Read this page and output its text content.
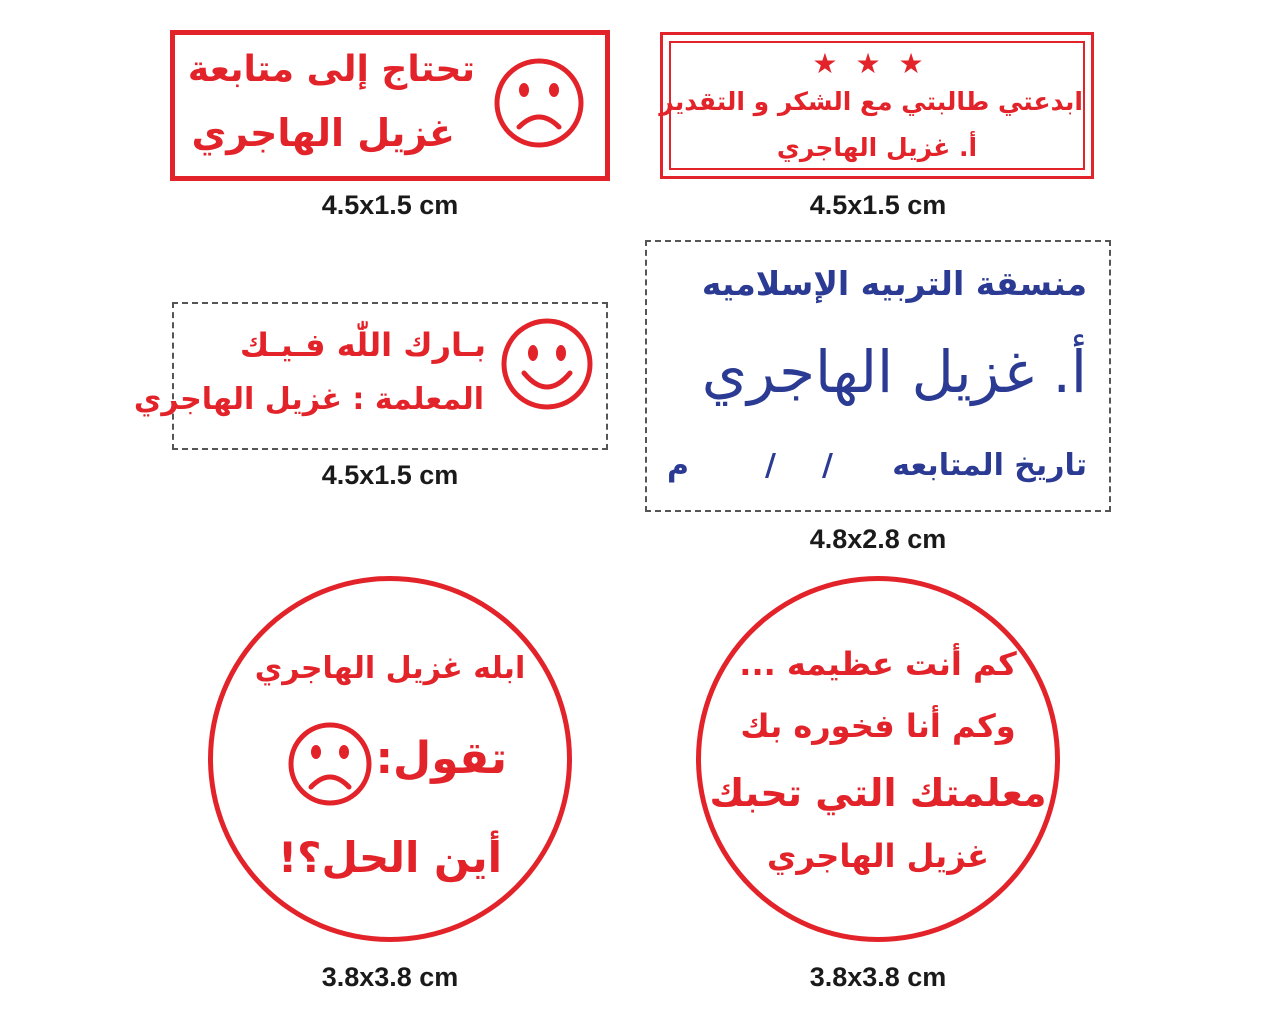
تحتاج إلى متابعة
غزيل الهاجري
4.5x1.5 cm
★★★
ابدعتي طالبتي مع الشكر و التقدير
أ. غزيل الهاجري
4.5x1.5 cm
بـارك اللّٰه فـيـك
المعلمة : غزيل الهاجري
4.5x1.5 cm
منسقة التربيه الإسلاميه
أ. غزيل الهاجري
تاريخ المتابعه
/
/
م
4.8x2.8 cm
ابله غزيل الهاجري
تقول:
أين الحل؟!
3.8x3.8 cm
كم أنت عظيمه ...
وكم أنا فخوره بك
معلمتك التي تحبك
غزيل الهاجري
3.8x3.8 cm
